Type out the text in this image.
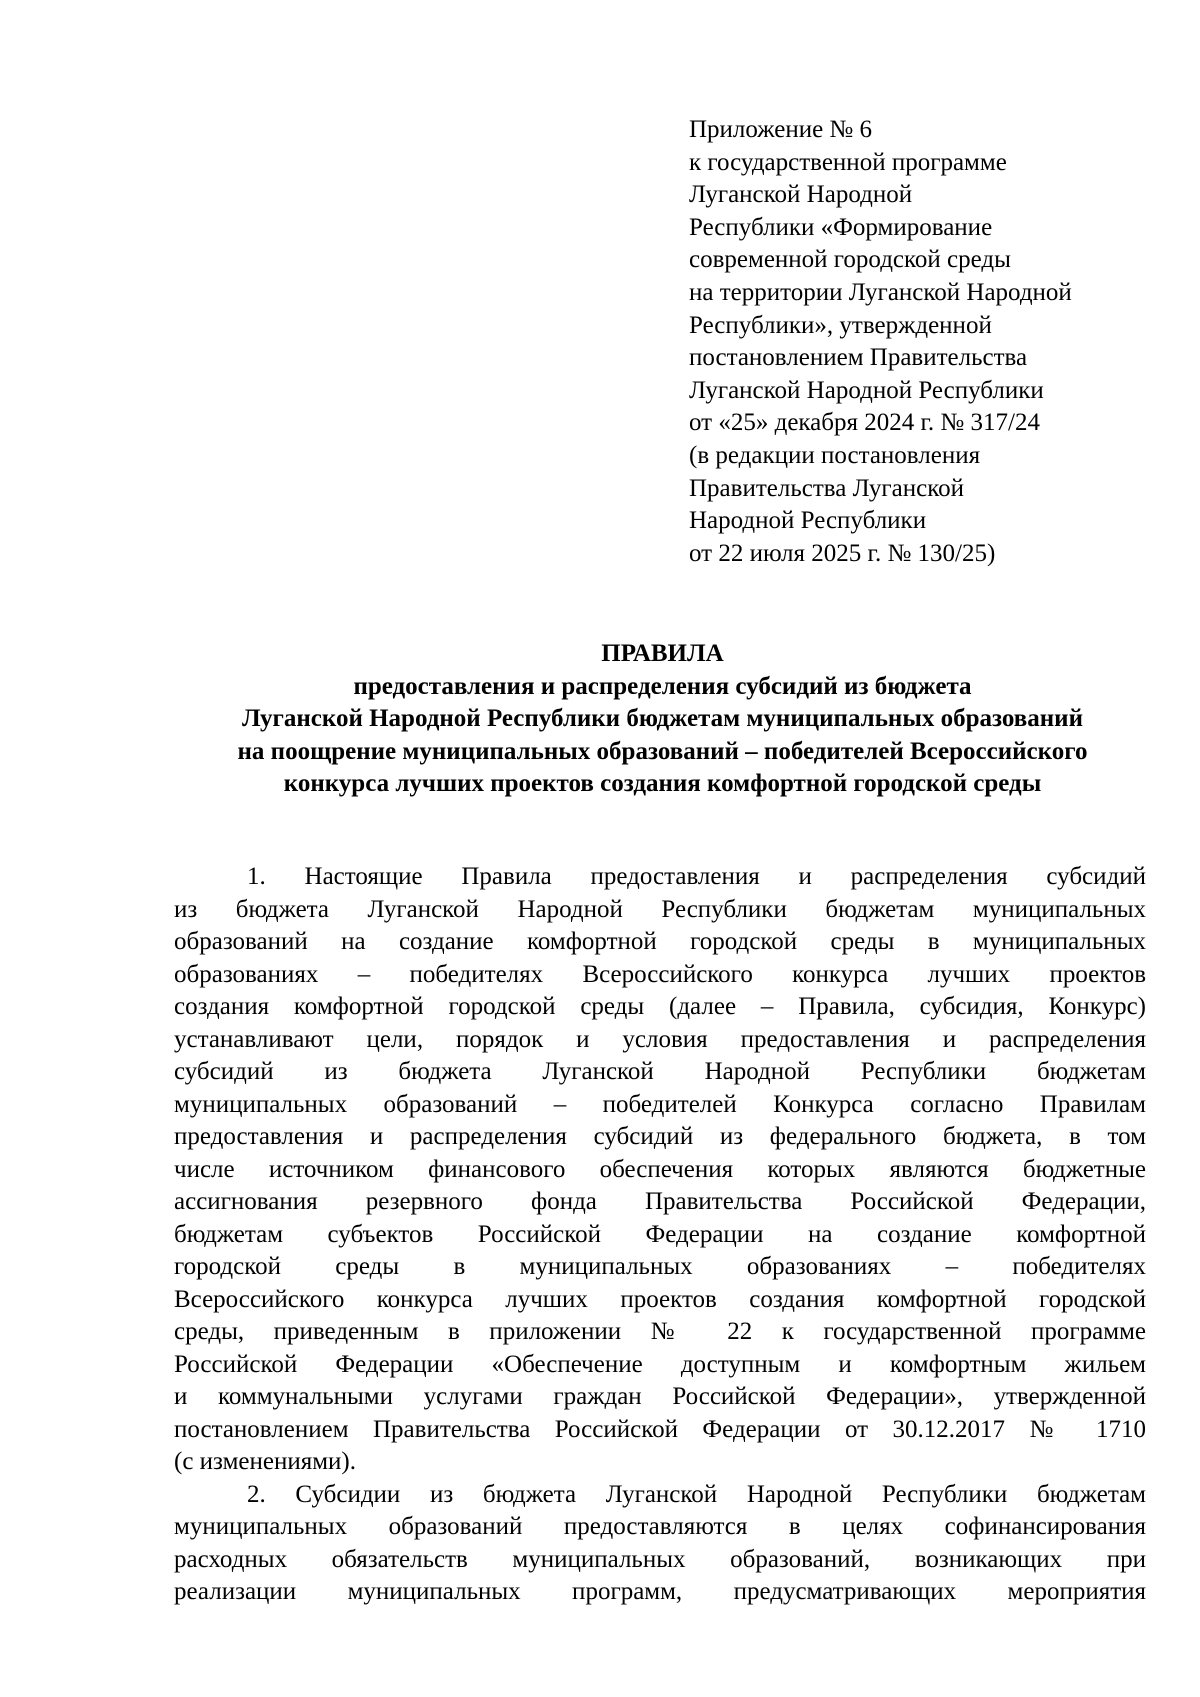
Приложение № 6
к государственной программе
Луганской Народной
Республики «Формирование
современной городской среды
на территории Луганской Народной
Республики», утвержденной
постановлением Правительства
Луганской Народной Республики
от «25» декабря 2024 г. № 317/24
(в редакции постановления
Правительства Луганской
Народной Республики
от 22 июля 2025 г. № 130/25)
ПРАВИЛА
предоставления и распределения субсидий из бюджета
Луганской Народной Республики бюджетам муниципальных образований
на поощрение муниципальных образований – победителей Всероссийского
конкурса лучших проектов создания комфортной городской среды
1. Настоящие Правила предоставления и распределения субсидий
из бюджета Луганской Народной Республики бюджетам муниципальных
образований на создание комфортной городской среды в муниципальных
образованиях – победителях Всероссийского конкурса лучших проектов
создания комфортной городской среды (далее – Правила, субсидия, Конкурс)
устанавливают цели, порядок и условия предоставления и распределения
субсидий из бюджета Луганской Народной Республики бюджетам
муниципальных образований – победителей Конкурса согласно Правилам
предоставления и распределения субсидий из федерального бюджета, в том
числе источником финансового обеспечения которых являются бюджетные
ассигнования резервного фонда Правительства Российской Федерации,
бюджетам субъектов Российской Федерации на создание комфортной
городской среды в муниципальных образованиях – победителях
Всероссийского конкурса лучших проектов создания комфортной городской
среды, приведенным в приложении № 22 к государственной программе
Российской Федерации «Обеспечение доступным и комфортным жильем
и коммунальными услугами граждан Российской Федерации», утвержденной
постановлением Правительства Российской Федерации от 30.12.2017 № 1710
(с изменениями).
2. Субсидии из бюджета Луганской Народной Республики бюджетам
муниципальных образований предоставляются в целях софинансирования
расходных обязательств муниципальных образований, возникающих при
реализации муниципальных программ, предусматривающих мероприятия
